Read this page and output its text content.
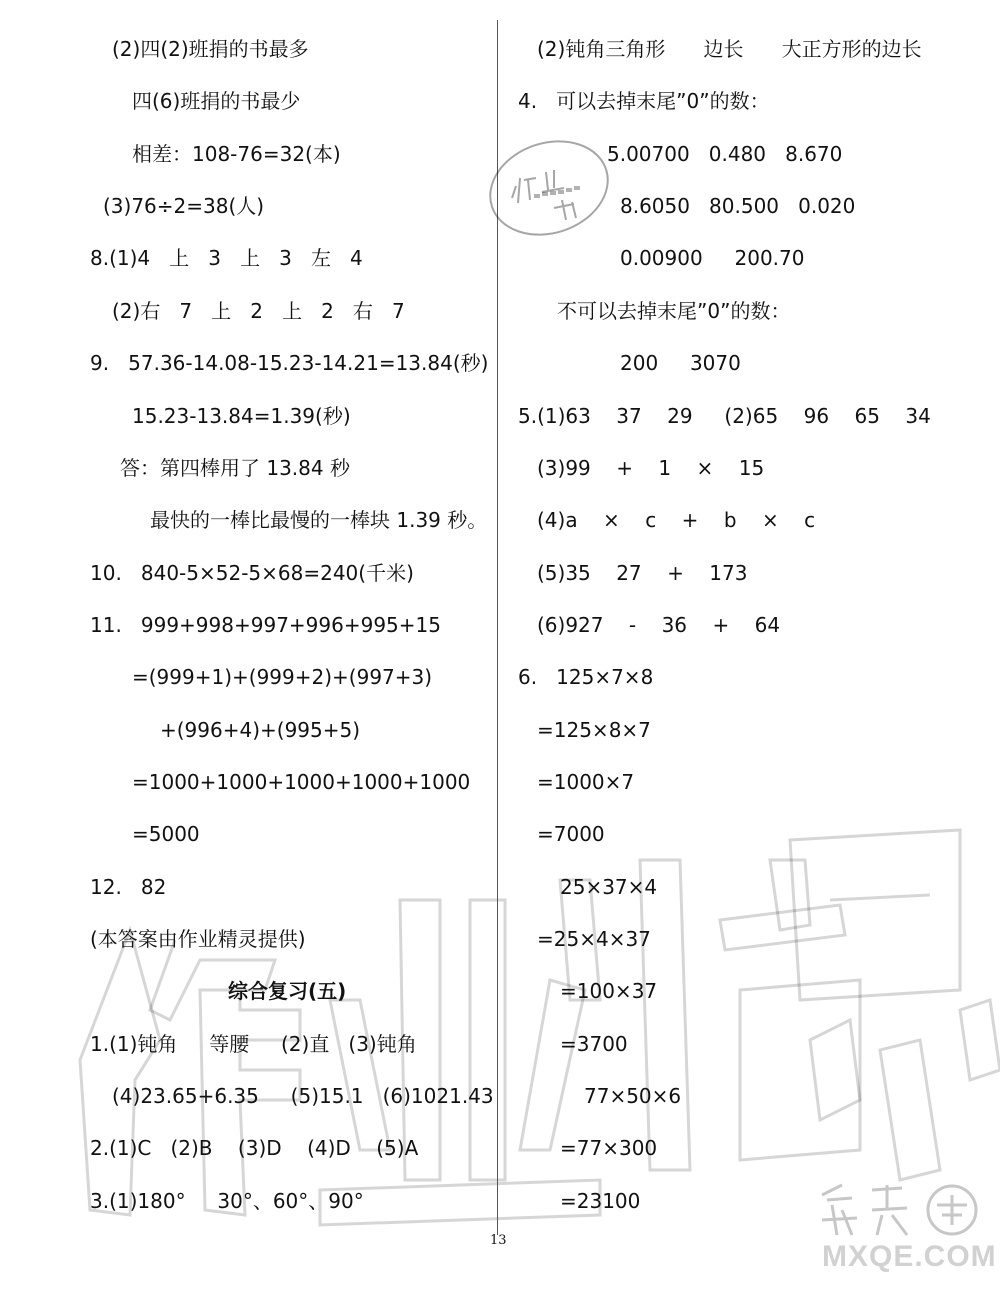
(2)四(2)班捐的书最多

四(6)班捐的书最少

相差：108-76=32(本)

(3)76÷2=38(人)

8.(1)4   上   3   上   3   左   4

(2)右   7   上   2   上   2   右   7

9.   57.36-14.08-15.23-14.21=13.84(秒)

15.23-13.84=1.39(秒)

答：第四棒用了 13.84 秒

最快的一棒比最慢的一棒块 1.39 秒。

10.   840-5×52-5×68=240(千米)

11.   999+998+997+996+995+15

=(999+1)+(999+2)+(997+3)

+(996+4)+(995+5)

=1000+1000+1000+1000+1000

=5000

12.   82

(本答案由作业精灵提供)

综合复习(五)

1.(1)钝角     等腰     (2)直   (3)钝角

(4)23.65+6.35     (5)15.1   (6)1021.43

2.(1)C   (2)B    (3)D    (4)D    (5)A

3.(1)180°     30°、60°、90°

(2)钝角三角形      边长      大正方形的边长

4.   可以去掉末尾”0”的数：

5.00700   0.480   8.670

8.6050   80.500   0.020

0.00900     200.70

不可以去掉末尾”0”的数：

200     3070

5.(1)63    37    29     (2)65    96    65    34

(3)99    +    1    ×    15

(4)a    ×    c    +    b    ×    c

(5)35    27    +    173

(6)927    -    36    +    64

6.   125×7×8

=125×8×7

=1000×7

=7000

25×37×4

=25×4×37

=100×37

=3700

77×50×6

=77×300

=23100

13	MXQE.COM
